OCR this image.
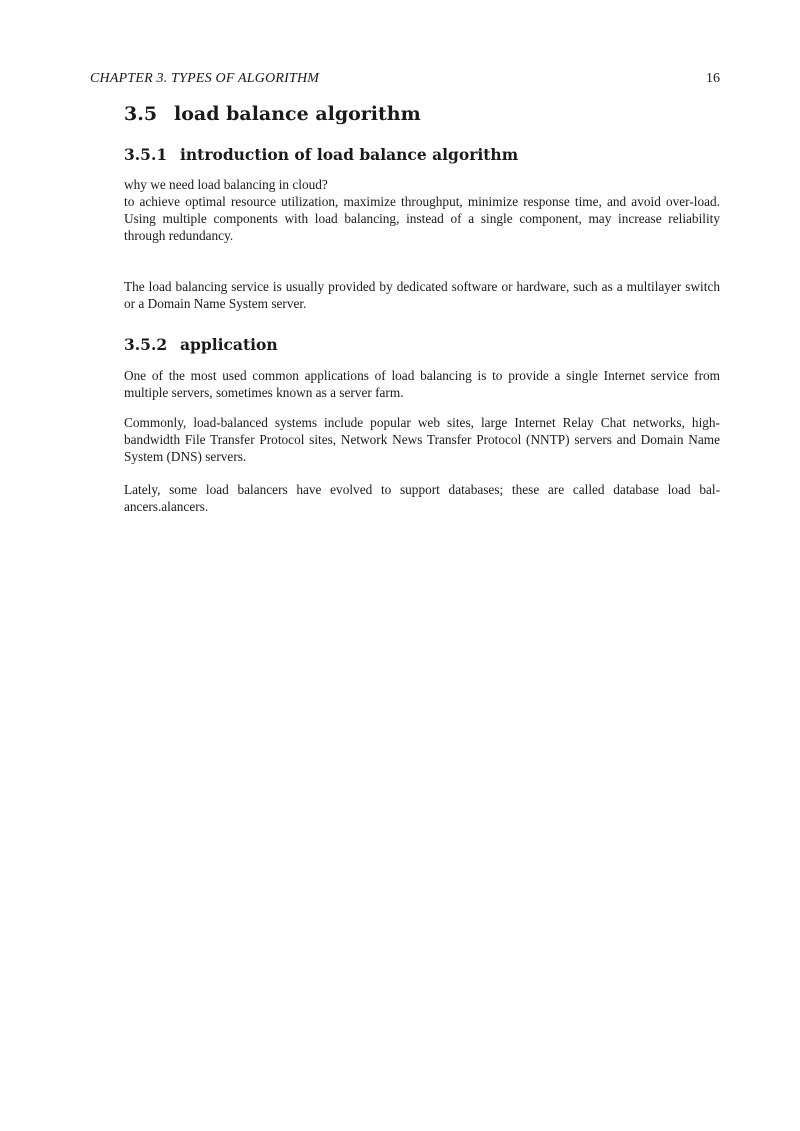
CHAPTER 3. TYPES OF ALGORITHM	16
3.5 load balance algorithm
3.5.1 introduction of load balance algorithm

why we need load balancing in cloud?
to achieve optimal resource utilization, maximize throughput, minimize response time, and avoid over-load. Using multiple components with load balancing, instead of a single component, may increase reliability through redundancy.

The load balancing service is usually provided by dedicated software or hardware, such as a multilayer switch or a Domain Name System server.

3.5.2 application

One of the most used common applications of load balancing is to provide a single Internet service from multiple servers, sometimes known as a server farm.

Commonly, load-balanced systems include popular web sites, large Internet Relay Chat networks, high-bandwidth File Transfer Protocol sites, Network News Transfer Protocol (NNTP) servers and Domain Name System (DNS) servers.

Lately, some load balancers have evolved to support databases; these are called database load bal-ancers.alancers.
